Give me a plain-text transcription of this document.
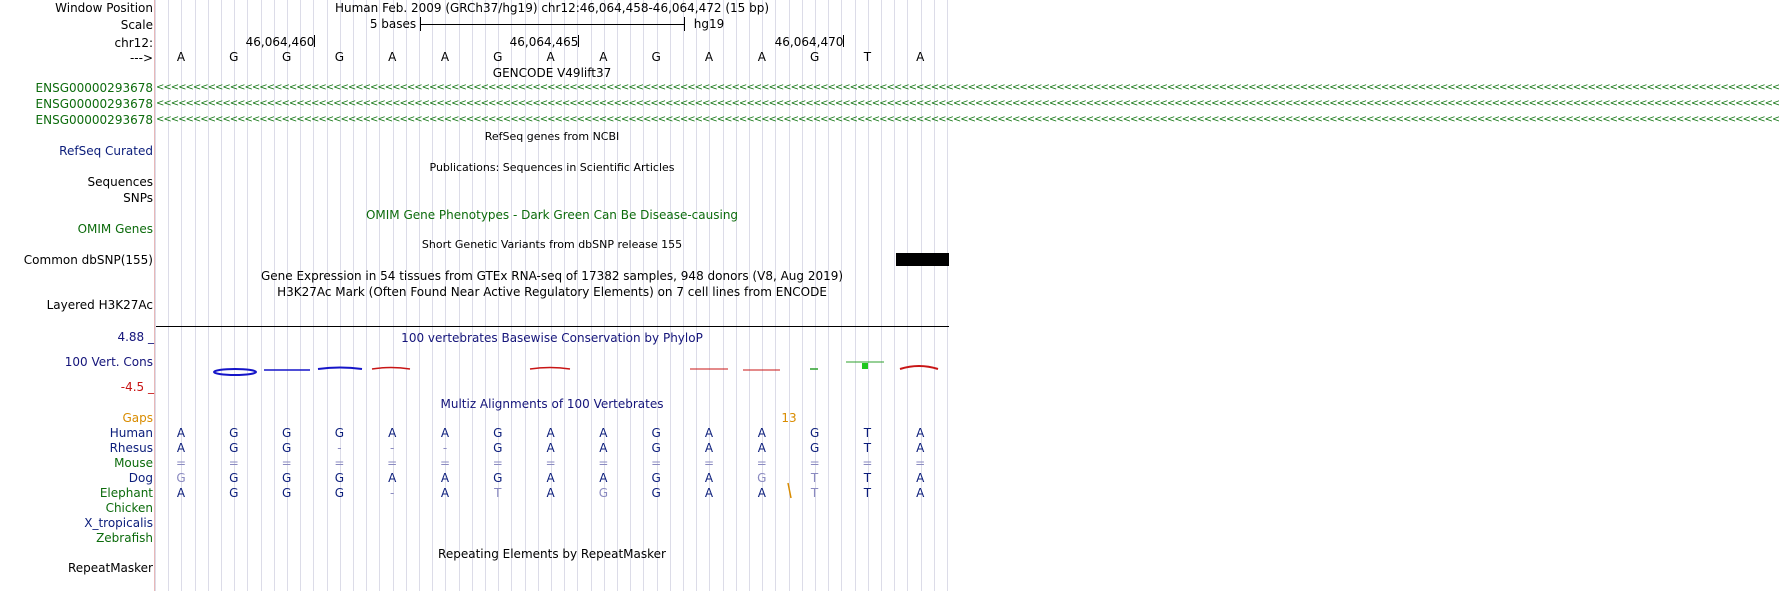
Window Position	Human Feb. 2009 (GRCh37/hg19) chr12:46,064,458-46,064,472 (15 bp)
Scale	5 bases	hg19
chr12:	46,064,460	46,064,465	46,064,470
--->	A	G	G	G	A	A	G	A	A	G	A	A	G	T	A
GENCODE V49lift37
ENSG00000293678 <<<<<<<<<<<<<<<<<<<<<<<<<<<<<<<<<<<<<<<<<<<<<<<<<<<<<<<<<<<<<<<<<<<<<<<<<<<<<<<<<<<<<<<<<<<<<<<<<<<<<<<<<<<<<<<<<<<<<<<<<<<<<<<<<<<<<<<<<<<<<<<<<<<<<<<<<<<<<<<<<<<<<<<<<<<<<<<<<<<<<<<<<<<<<<<<<<<<<<<<<<<<<<<<<<<<<<<<<<<<
ENSG00000293678 <<<<<<<<<<<<<<<<<<<<<<<<<<<<<<<<<<<<<<<<<<<<<<<<<<<<<<<<<<<<<<<<<<<<<<<<<<<<<<<<<<<<<<<<<<<<<<<<<<<<<<<<<<<<<<<<<<<<<<<<<<<<<<<<<<<<<<<<<<<<<<<<<<<<<<<<<<<<<<<<<<<<<<<<<<<<<<<<<<<<<<<<<<<<<<<<<<<<<<<<<<<<<<<<<<<<<<<<<<<<
ENSG00000293678 <<<<<<<<<<<<<<<<<<<<<<<<<<<<<<<<<<<<<<<<<<<<<<<<<<<<<<<<<<<<<<<<<<<<<<<<<<<<<<<<<<<<<<<<<<<<<<<<<<<<<<<<<<<<<<<<<<<<<<<<<<<<<<<<<<<<<<<<<<<<<<<<<<<<<<<<<<<<<<<<<<<<<<<<<<<<<<<<<<<<<<<<<<<<<<<<<<<<<<<<<<<<<<<<<<<<<<<<<<<<
RefSeq genes from NCBI
RefSeq Curated
Publications: Sequences in Scientific Articles
Sequences
SNPs
OMIM Gene Phenotypes - Dark Green Can Be Disease-causing
OMIM Genes
Short Genetic Variants from dbSNP release 155
Common dbSNP(155)
Gene Expression in 54 tissues from GTEx RNA-seq of 17382 samples, 948 donors (V8, Aug 2019)
H3K27Ac Mark (Often Found Near Active Regulatory Elements) on 7 cell lines from ENCODE
Layered H3K27Ac
100 vertebrates Basewise Conservation by PhyloP
4.88 _
100 Vert. Cons
-4.5 _
Multiz Alignments of 100 Vertebrates
Gaps	13
Human	A	G	G	G	A	A	G	A	A	G	A	A	G	T	A
Rhesus	A	G	G	-	-	-	G	A	A	G	A	A	G	T	A
Mouse	=	=	=	=	=	=	=	=	=	=	=	=	=	=	=
Dog	G	G	G	G	A	A	G	A	A	G	A	G	T	T	A
Elephant	A	G	G	G	-	A	T	A	G	G	A	A	T	T	A
Chicken
X_tropicalis
Zebrafish
Repeating Elements by RepeatMasker
RepeatMasker
